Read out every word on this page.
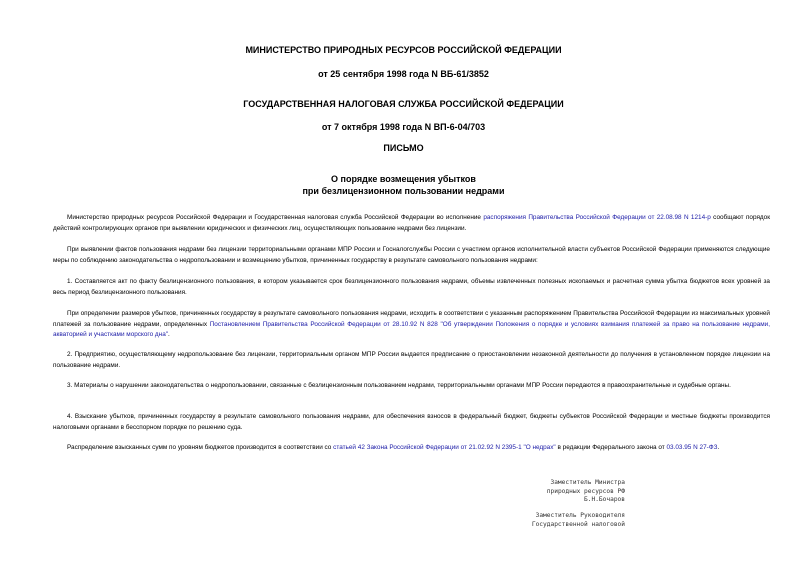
МИНИСТЕРСТВО ПРИРОДНЫХ РЕСУРСОВ РОССИЙСКОЙ ФЕДЕРАЦИИ
от 25 сентября 1998 года N ВБ-61/3852
ГОСУДАРСТВЕННАЯ НАЛОГОВАЯ СЛУЖБА РОССИЙСКОЙ ФЕДЕРАЦИИ
от 7 октября 1998 года N ВП-6-04/703
ПИСЬМО
О порядке возмещения убытков
при безлицензионном пользовании недрами
Министерство природных ресурсов Российской Федерации и Государственная налоговая служба Российской Федерации во исполнение распоряжения Правительства Российской Федерации от 22.08.98 N 1214-р сообщают порядок действий контролирующих органов при выявлении юридических и физических лиц, осуществляющих пользование недрами без лицензии.
При выявлении фактов пользования недрами без лицензии территориальными органами МПР России и Госналогслужбы России с участием органов исполнительной власти субъектов Российской Федерации применяются следующие меры по соблюдению законодательства о недропользовании и возмещению убытков, причиненных государству в результате самовольного пользования недрами:
1. Составляется акт по факту безлицензионного пользования, в котором указывается срок безлицензионного пользования недрами, объемы извлеченных полезных ископаемых и расчетная сумма убытка бюджетов всех уровней за весь период безлицензионного пользования.
При определении размеров убытков, причиненных государству в результате самовольного пользования недрами, исходить в соответствии с указанным распоряжением Правительства Российской Федерации из максимальных уровней платежей за пользование недрами, определенных Постановлением Правительства Российской Федерации от 28.10.92 N 828 "Об утверждении Положения о порядке и условиях взимания платежей за право на пользование недрами, акваторией и участками морского дна".
2. Предприятию, осуществляющему недропользование без лицензии, территориальным органом МПР России выдается предписание о приостановлении незаконной деятельности до получения в установленном порядке лицензии на пользование недрами.
3. Материалы о нарушении законодательства о недропользовании, связанные с безлицензионным пользованием недрами, территориальными органами МПР России передаются в правоохранительные и судебные органы.
4. Взыскание убытков, причиненных государству в результате самовольного пользования недрами, для обеспечения взносов в федеральный бюджет, бюджеты субъектов Российской Федерации и местные бюджеты производится налоговыми органами в бесспорном порядке по решению суда.
Распределение взысканных сумм по уровням бюджетов производится в соответствии со статьей 42 Закона Российской Федерации от 21.02.92 N 2395-1 "О недрах" в редакции Федерального закона от 03.03.95 N 27-ФЗ.
Заместитель Министра
природных ресурсов РФ
Б.Н.Бочаров
Заместитель Руководителя
Государственной налоговой
